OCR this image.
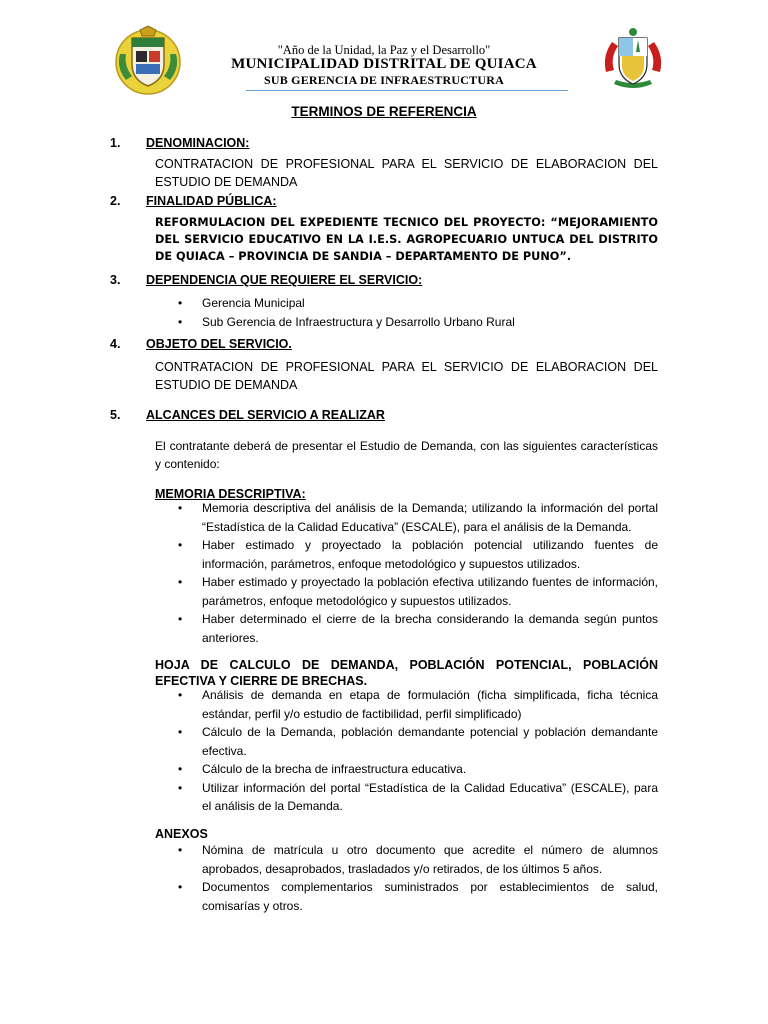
"Año de la Unidad, la Paz y el Desarrollo"
MUNICIPALIDAD DISTRITAL DE QUIACA
SUB GERENCIA DE INFRAESTRUCTURA
TERMINOS DE REFERENCIA
1. DENOMINACION:
CONTRATACION DE PROFESIONAL PARA EL SERVICIO DE ELABORACION DEL ESTUDIO DE DEMANDA
2. FINALIDAD PÚBLICA:
REFORMULACION DEL EXPEDIENTE TECNICO DEL PROYECTO: “MEJORAMIENTO DEL SERVICIO EDUCATIVO EN LA I.E.S. AGROPECUARIO UNTUCA DEL DISTRITO DE QUIACA – PROVINCIA DE SANDIA – DEPARTAMENTO DE PUNO”.
3. DEPENDENCIA QUE REQUIERE EL SERVICIO:
• Gerencia Municipal
• Sub Gerencia de Infraestructura y Desarrollo Urbano Rural
4. OBJETO DEL SERVICIO.
CONTRATACION DE PROFESIONAL PARA EL SERVICIO DE ELABORACION DEL ESTUDIO DE DEMANDA
5. ALCANCES DEL SERVICIO A REALIZAR
El contratante deberá de presentar el Estudio de Demanda, con las siguientes características y contenido:
MEMORIA DESCRIPTIVA:
• Memoria descriptiva del análisis de la Demanda; utilizando la información del portal “Estadística de la Calidad Educativa” (ESCALE), para el análisis de la Demanda.
• Haber estimado y proyectado la población potencial utilizando fuentes de información, parámetros, enfoque metodológico y supuestos utilizados.
• Haber estimado y proyectado la población efectiva utilizando fuentes de información, parámetros, enfoque metodológico y supuestos utilizados.
• Haber determinado el cierre de la brecha considerando la demanda según puntos anteriores.
HOJA DE CALCULO DE DEMANDA, POBLACIÓN POTENCIAL, POBLACIÓN EFECTIVA Y CIERRE DE BRECHAS.
• Análisis de demanda en etapa de formulación (ficha simplificada, ficha técnica estándar, perfil y/o estudio de factibilidad, perfil simplificado)
• Cálculo de la Demanda, población demandante potencial y población demandante efectiva.
• Cálculo de la brecha de infraestructura educativa.
• Utilizar información del portal “Estadística de la Calidad Educativa” (ESCALE), para el análisis de la Demanda.
ANEXOS
• Nómina de matrícula u otro documento que acredite el número de alumnos aprobados, desaprobados, trasladados y/o retirados, de los últimos 5 años.
• Documentos complementarios suministrados por establecimientos de salud, comisarías y otros.
